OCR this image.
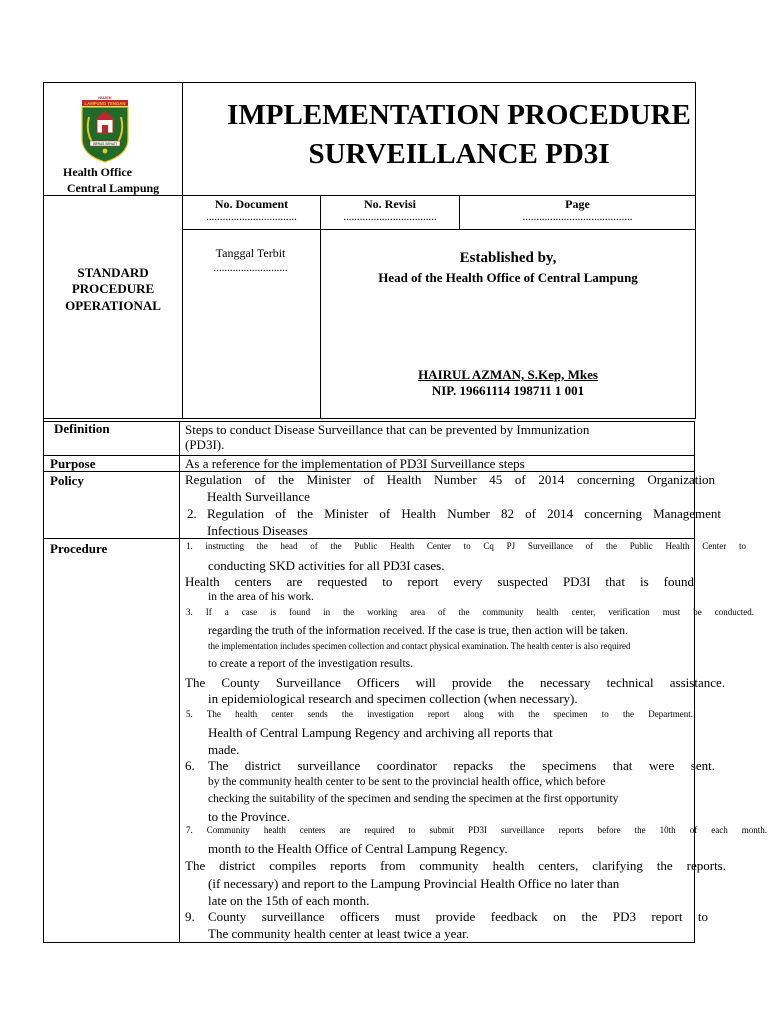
NUJEK
LAMPUNG TENGAN
BERAS SEHATI
Health Office
Central Lampung
IMPLEMENTATION PROCEDURE
SURVEILLANCE PD3I
No. Document
.................................
No. Revisi
..................................
Page
........................................
STANDARD
PROCEDURE
OPERATIONAL
Tanggal Terbit
...........................
Established by,
Head of the Health Office of Central Lampung
HAIRUL AZMAN, S.Kep, Mkes
NIP. 19661114 198711 1 001
Definition	Steps to conduct Disease Surveillance that can be prevented by Immunization
(PD3I).
Purpose	As a reference for the implementation of PD3I Surveillance steps
Policy	Regulation of the Minister of Health Number 45 of 2014 concerning Organization
Health Surveillance
2. Regulation of the Minister of Health Number 82 of 2014 concerning Management
Infectious Diseases
Procedure	1. instructing the head of the Public Health Center to Cq PJ Surveillance of the Public Health Center to
conducting SKD activities for all PD3I cases.
Health centers are requested to report every suspected PD3I that is found
in the area of his work.
3. If a case is found in the working area of the community health center, verification must be conducted.
regarding the truth of the information received. If the case is true, then action will be taken.
the implementation includes specimen collection and contact physical examination. The health center is also required
to create a report of the investigation results.
The County Surveillance Officers will provide the necessary technical assistance.
in epidemiological research and specimen collection (when necessary).
5. The health center sends the investigation report along with the specimen to the Department.
Health of Central Lampung Regency and archiving all reports that
made.
6. The district surveillance coordinator repacks the specimens that were sent.
by the community health center to be sent to the provincial health office, which before
checking the suitability of the specimen and sending the specimen at the first opportunity
to the Province.
7. Community health centers are required to submit PD3I surveillance reports before the 10th of each month.
month to the Health Office of Central Lampung Regency.
The district compiles reports from community health centers, clarifying the reports.
(if necessary) and report to the Lampung Provincial Health Office no later than
late on the 15th of each month.
9. County surveillance officers must provide feedback on the PD3 report to
The community health center at least twice a year.
